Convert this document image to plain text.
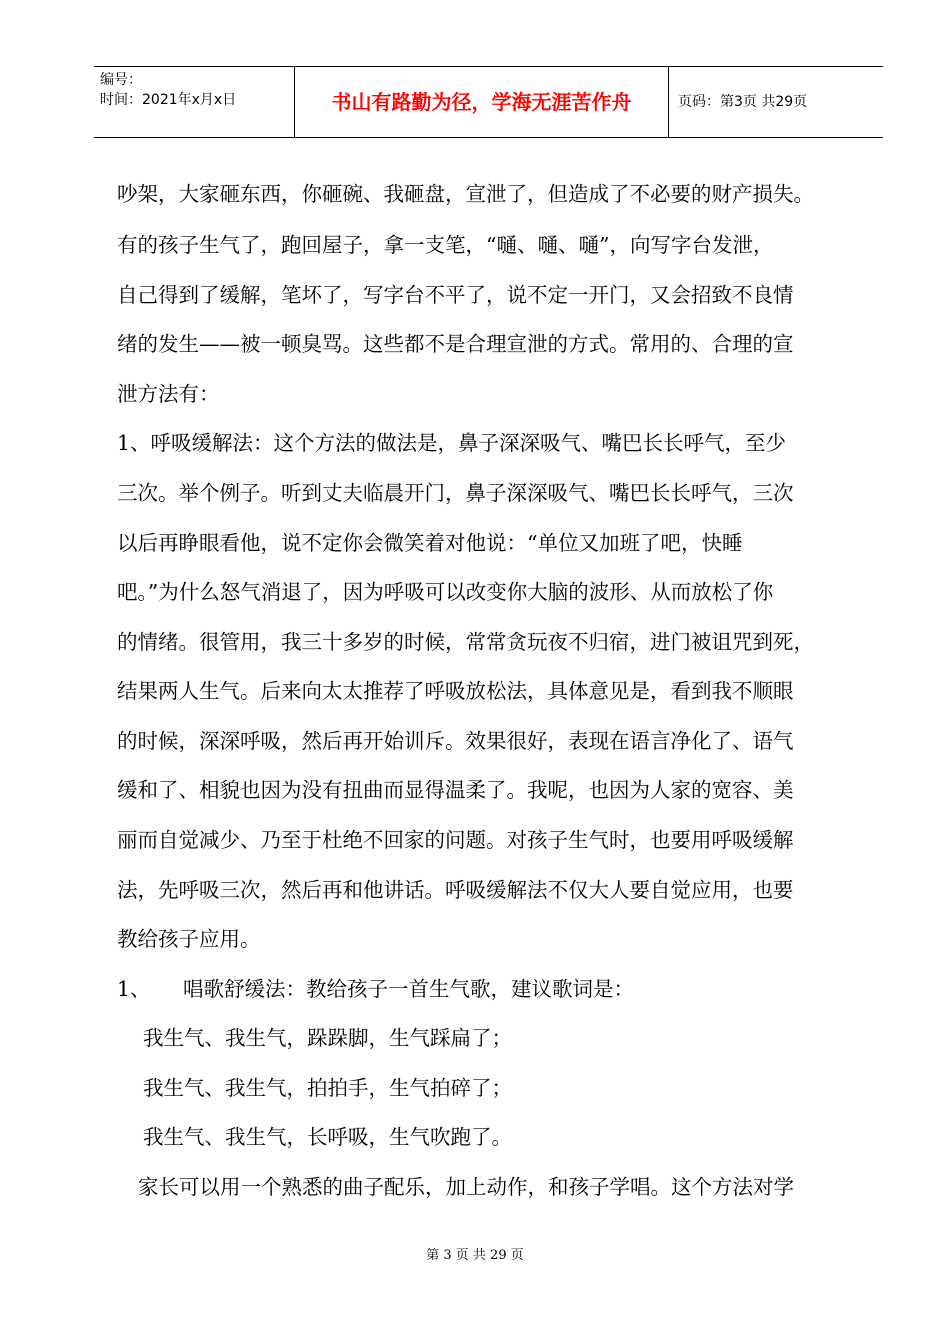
编号：
时间：2021年x月x日	书山有路勤为径，学海无涯苦作舟	页码：第3页 共29页
吵架，大家砸东西，你砸碗、我砸盘，宣泄了，但造成了不必要的财产损失。
有的孩子生气了，跑回屋子，拿一支笔，“嗵、嗵、嗵”，向写字台发泄，
自己得到了缓解，笔坏了，写字台不平了，说不定一开门，又会招致不良情
绪的发生——被一顿臭骂。这些都不是合理宣泄的方式。常用的、合理的宣
泄方法有：
1、呼吸缓解法：这个方法的做法是，鼻子深深吸气、嘴巴长长呼气，至少
三次。举个例子。听到丈夫临晨开门，鼻子深深吸气、嘴巴长长呼气，三次
以后再睁眼看他，说不定你会微笑着对他说：“单位又加班了吧，快睡
吧。”为什么怒气消退了，因为呼吸可以改变你大脑的波形、从而放松了你
的情绪。很管用，我三十多岁的时候，常常贪玩夜不归宿，进门被诅咒到死，
结果两人生气。后来向太太推荐了呼吸放松法，具体意见是，看到我不顺眼
的时候，深深呼吸，然后再开始训斥。效果很好，表现在语言净化了、语气
缓和了、相貌也因为没有扭曲而显得温柔了。我呢，也因为人家的宽容、美
丽而自觉减少、乃至于杜绝不回家的问题。对孩子生气时，也要用呼吸缓解
法，先呼吸三次，然后再和他讲话。呼吸缓解法不仅大人要自觉应用，也要
教给孩子应用。
1、 唱歌舒缓法：教给孩子一首生气歌，建议歌词是：
我生气、我生气，跺跺脚，生气踩扁了；
我生气、我生气，拍拍手，生气拍碎了；
我生气、我生气，长呼吸，生气吹跑了。
家长可以用一个熟悉的曲子配乐，加上动作，和孩子学唱。这个方法对学
第 3 页 共 29 页
